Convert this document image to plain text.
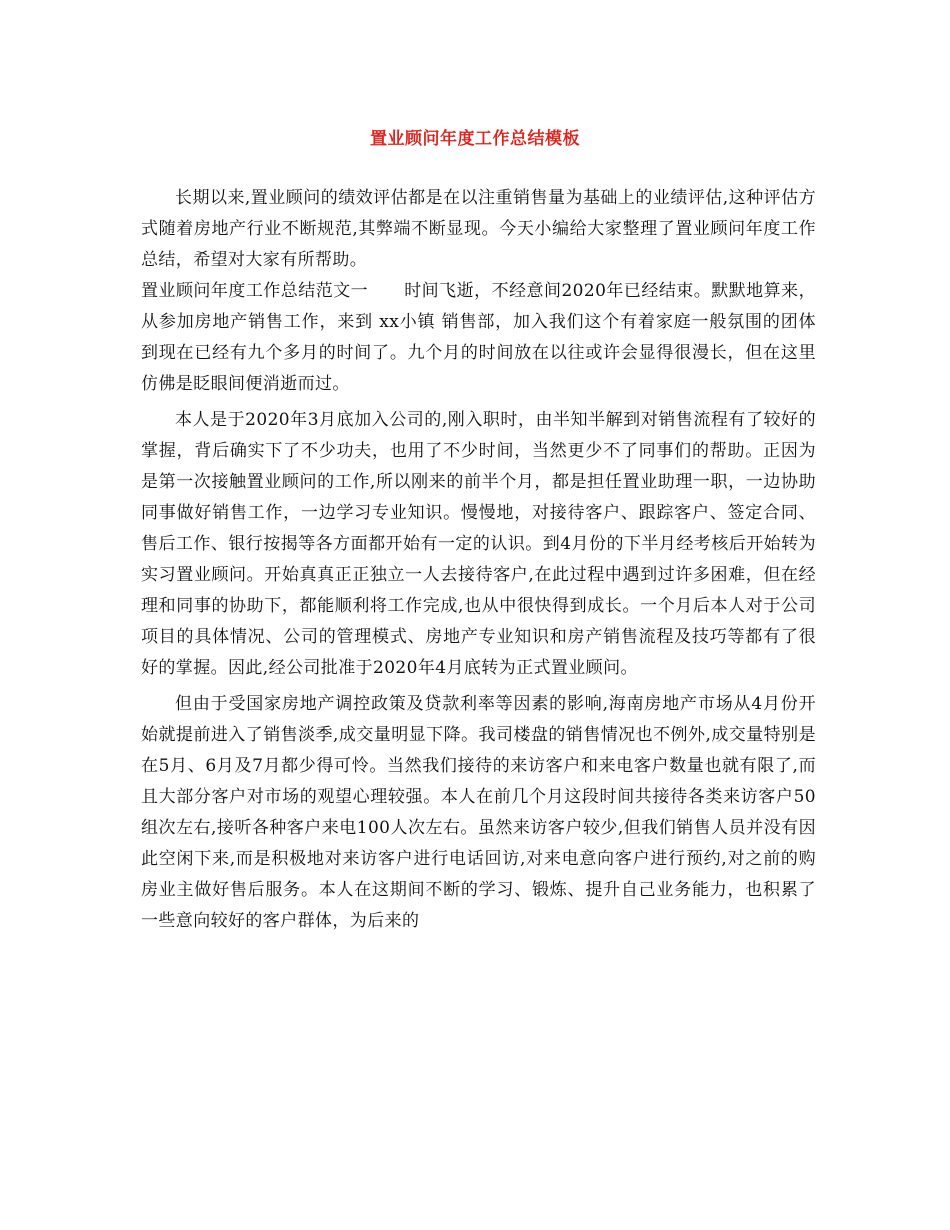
置业顾问年度工作总结模板

长期以来,置业顾问的绩效评估都是在以注重销售量为基础上的业绩评估,这种评估方式随着房地产行业不断规范,其弊端不断显现。今天小编给大家整理了置业顾问年度工作总结，希望对大家有所帮助。

置业顾问年度工作总结范文一 时间飞逝，不经意间2020年已经结束。默默地算来，从参加房地产销售工作，来到 xx小镇 销售部，加入我们这个有着家庭一般氛围的团体到现在已经有九个多月的时间了。九个月的时间放在以往或许会显得很漫长，但在这里仿佛是眨眼间便消逝而过。

本人是于2020年3月底加入公司的,刚入职时，由半知半解到对销售流程有了较好的掌握，背后确实下了不少功夫，也用了不少时间，当然更少不了同事们的帮助。正因为是第一次接触置业顾问的工作,所以刚来的前半个月，都是担任置业助理一职，一边协助同事做好销售工作，一边学习专业知识。慢慢地，对接待客户、跟踪客户、签定合同、售后工作、银行按揭等各方面都开始有一定的认识。到4月份的下半月经考核后开始转为实习置业顾问。开始真真正正独立一人去接待客户,在此过程中遇到过许多困难，但在经理和同事的协助下，都能顺利将工作完成,也从中很快得到成长。一个月后本人对于公司项目的具体情况、公司的管理模式、房地产专业知识和房产销售流程及技巧等都有了很好的掌握。因此,经公司批准于2020年4月底转为正式置业顾问。

但由于受国家房地产调控政策及贷款利率等因素的影响,海南房地产市场从4月份开始就提前进入了销售淡季,成交量明显下降。我司楼盘的销售情况也不例外,成交量特别是在5月、6月及7月都少得可怜。当然我们接待的来访客户和来电客户数量也就有限了,而且大部分客户对市场的观望心理较强。本人在前几个月这段时间共接待各类来访客户50组次左右,接听各种客户来电100人次左右。虽然来访客户较少,但我们销售人员并没有因此空闲下来,而是积极地对来访客户进行电话回访,对来电意向客户进行预约,对之前的购房业主做好售后服务。本人在这期间不断的学习、锻炼、提升自己业务能力，也积累了一些意向较好的客户群体，为后来的
